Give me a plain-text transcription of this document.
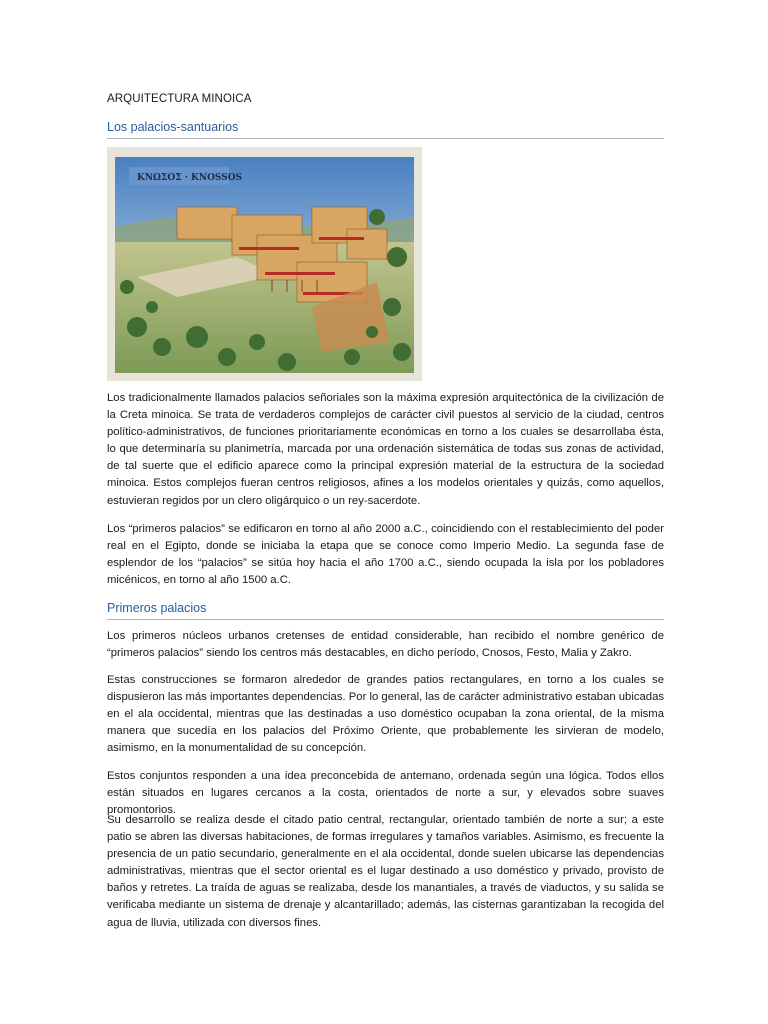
ARQUITECTURA MINOICA
Los palacios-santuarios
ΚΝΩΣΟΣ · KNOSSOS

Los tradicionalmente llamados palacios señoriales son la máxima expresión arquitectónica de la civilización de la Creta minoica. Se trata de verdaderos complejos de carácter civil puestos al servicio de la ciudad, centros político-administrativos, de funciones prioritariamente económicas en torno a los cuales se desarrollaba ésta, lo que determinaría su planimetría, marcada por una ordenación sistemática de todas sus zonas de actividad, de tal suerte que el edificio aparece como la principal expresión material de la estructura de la sociedad minoica. Estos complejos fueran centros religiosos, afines a los modelos orientales y quizás, como aquellos, estuvieran regidos por un clero oligárquico o un rey-sacerdote.

Los “primeros palacios” se edificaron en torno al año 2000 a.C., coincidiendo con el restablecimiento del poder real en el Egipto, donde se iniciaba la etapa que se conoce como Imperio Medio. La segunda fase de esplendor de los “palacios” se sitúa hoy hacia el año 1700 a.C., siendo ocupada la isla por los pobladores micénicos, en torno al año 1500 a.C.

Primeros palacios

Los primeros núcleos urbanos cretenses de entidad considerable, han recibido el nombre genérico de “primeros palacios” siendo los centros más destacables, en dicho período, Cnosos, Festo, Malia y Zakro.

Estas construcciones se formaron alrededor de grandes patios rectangulares, en torno a los cuales se dispusieron las más importantes dependencias. Por lo general, las de carácter administrativo estaban ubicadas en el ala occidental, mientras que las destinadas a uso doméstico ocupaban la zona oriental, de la misma manera que sucedía en los palacios del Próximo Oriente, que probablemente les sirvieran de modelo, asimismo, en la monumentalidad de su concepción.

Estos conjuntos responden a una idea preconcebida de antemano, ordenada según una lógica. Todos ellos están situados en lugares cercanos a la costa, orientados de norte a sur, y elevados sobre suaves promontorios.

Su desarrollo se realiza desde el citado patio central, rectangular, orientado también de norte a sur; a este patio se abren las diversas habitaciones, de formas irregulares y tamaños variables. Asimismo, es frecuente la presencia de un patio secundario, generalmente en el ala occidental, donde suelen ubicarse las dependencias administrativas, mientras que el sector oriental es el lugar destinado a uso doméstico y privado, provisto de baños y retretes. La traída de aguas se realizaba, desde los manantiales, a través de viaductos, y su salida se verificaba mediante un sistema de drenaje y alcantarillado; además, las cisternas garantizaban la recogida del agua de lluvia, utilizada con diversos fines.
